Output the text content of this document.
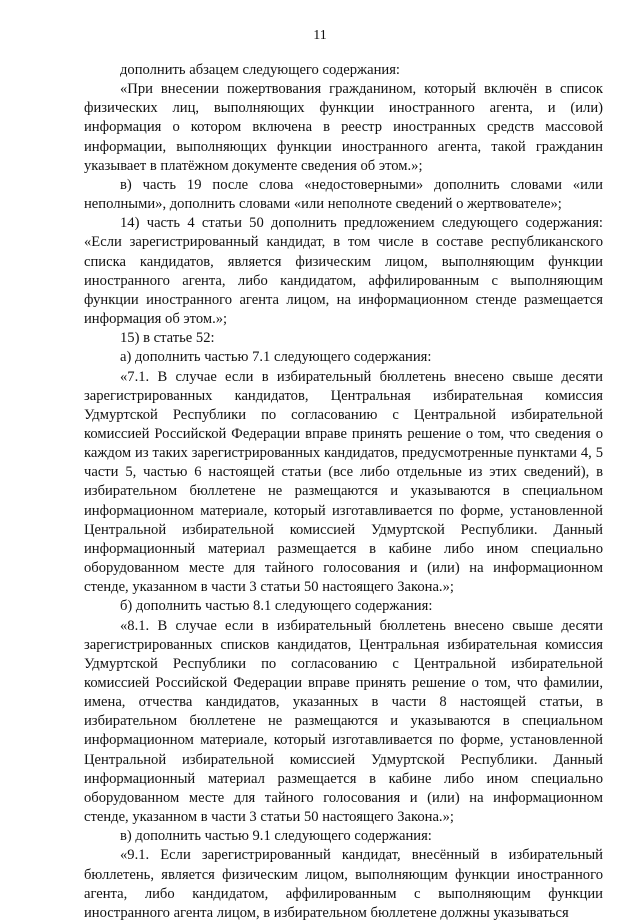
11

дополнить абзацем следующего содержания:

«При внесении пожертвования гражданином, который включён в список физических лиц, выполняющих функции иностранного агента, и (или) информация о котором включена в реестр иностранных средств массовой информации, выполняющих функции иностранного агента, такой гражданин указывает в платёжном документе сведения об этом.»;

в) часть 19 после слова «недостоверными» дополнить словами «или неполными», дополнить словами «или неполноте сведений о жертвователе»;

14) часть 4 статьи 50 дополнить предложением следующего содержания: «Если зарегистрированный кандидат, в том числе в составе республиканского списка кандидатов, является физическим лицом, выполняющим функции иностранного агента, либо кандидатом, аффилированным с выполняющим функции иностранного агента лицом, на информационном стенде размещается информация об этом.»;

15) в статье 52:

а) дополнить частью 7.1 следующего содержания:

«7.1. В случае если в избирательный бюллетень внесено свыше десяти зарегистрированных кандидатов, Центральная избирательная комиссия Удмуртской Республики по согласованию с Центральной избирательной комиссией Российской Федерации вправе принять решение о том, что сведения о каждом из таких зарегистрированных кандидатов, предусмотренные пунктами 4, 5 части 5, частью 6 настоящей статьи (все либо отдельные из этих сведений), в избирательном бюллетене не размещаются и указываются в специальном информационном материале, который изготавливается по форме, установленной Центральной избирательной комиссией Удмуртской Республики. Данный информационный материал размещается в кабине либо ином специально оборудованном месте для тайного голосования и (или) на информационном стенде, указанном в части 3 статьи 50 настоящего Закона.»;

б) дополнить частью 8.1 следующего содержания:

«8.1. В случае если в избирательный бюллетень внесено свыше десяти зарегистрированных списков кандидатов, Центральная избирательная комиссия Удмуртской Республики по согласованию с Центральной избирательной комиссией Российской Федерации вправе принять решение о том, что фамилии, имена, отчества кандидатов, указанных в части 8 настоящей статьи, в избирательном бюллетене не размещаются и указываются в специальном информационном материале, который изготавливается по форме, установленной Центральной избирательной комиссией Удмуртской Республики. Данный информационный материал размещается в кабине либо ином специально оборудованном месте для тайного голосования и (или) на информационном стенде, указанном в части 3 статьи 50 настоящего Закона.»;

в) дополнить частью 9.1 следующего содержания:

«9.1. Если зарегистрированный кандидат, внесённый в избирательный бюллетень, является физическим лицом, выполняющим функции иностранного агента, либо кандидатом, аффилированным с выполняющим функции иностранного агента лицом, в избирательном бюллетене должны указываться
